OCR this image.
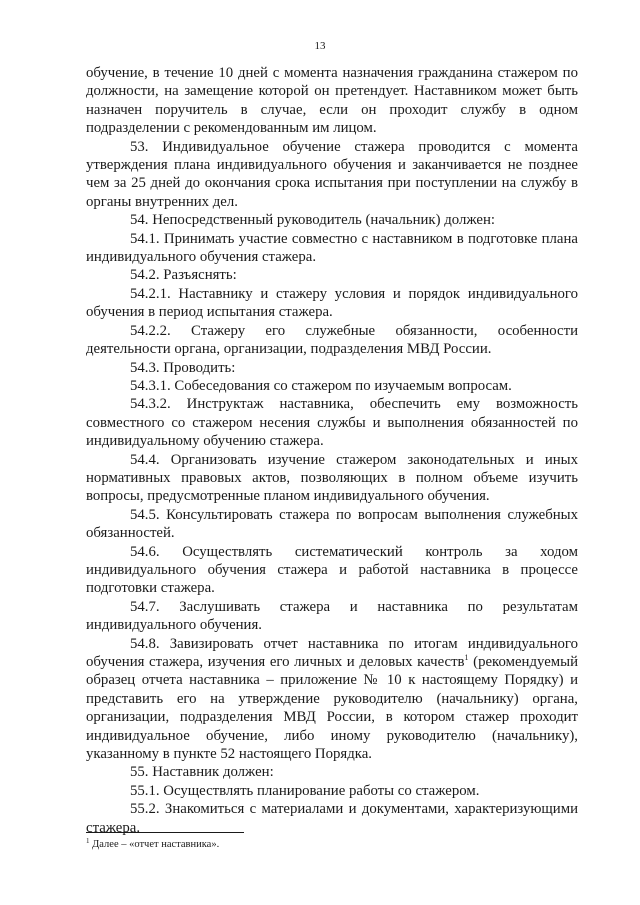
13

обучение, в течение 10 дней с момента назначения гражданина стажером по должности, на замещение которой он претендует. Наставником может быть назначен поручитель в случае, если он проходит службу в одном подразделении с рекомендованным им лицом.

53. Индивидуальное обучение стажера проводится с момента утверждения плана индивидуального обучения и заканчивается не позднее чем за 25 дней до окончания срока испытания при поступлении на службу в органы внутренних дел.

54. Непосредственный руководитель (начальник) должен:

54.1. Принимать участие совместно с наставником в подготовке плана индивидуального обучения стажера.

54.2. Разъяснять:

54.2.1. Наставнику и стажеру условия и порядок индивидуального обучения в период испытания стажера.

54.2.2. Стажеру его служебные обязанности, особенности деятельности органа, организации, подразделения МВД России.

54.3. Проводить:

54.3.1. Собеседования со стажером по изучаемым вопросам.

54.3.2. Инструктаж наставника, обеспечить ему возможность совместного со стажером несения службы и выполнения обязанностей по индивидуальному обучению стажера.

54.4. Организовать изучение стажером законодательных и иных нормативных правовых актов, позволяющих в полном объеме изучить вопросы, предусмотренные планом индивидуального обучения.

54.5. Консультировать стажера по вопросам выполнения служебных обязанностей.

54.6. Осуществлять систематический контроль за ходом индивидуального обучения стажера и работой наставника в процессе подготовки стажера.

54.7. Заслушивать стажера и наставника по результатам индивидуального обучения.

54.8. Завизировать отчет наставника по итогам индивидуального обучения стажера, изучения его личных и деловых качеств$^1$ (рекомендуемый образец отчета наставника – приложение № 10 к настоящему Порядку) и представить его на утверждение руководителю (начальнику) органа, организации, подразделения МВД России, в котором стажер проходит индивидуальное обучение, либо иному руководителю (начальнику), указанному в пункте 52 настоящего Порядка.

55. Наставник должен:

55.1. Осуществлять планирование работы со стажером.

55.2. Знакомиться с материалами и документами, характеризующими стажера.

$^1$ Далее – «отчет наставника».
